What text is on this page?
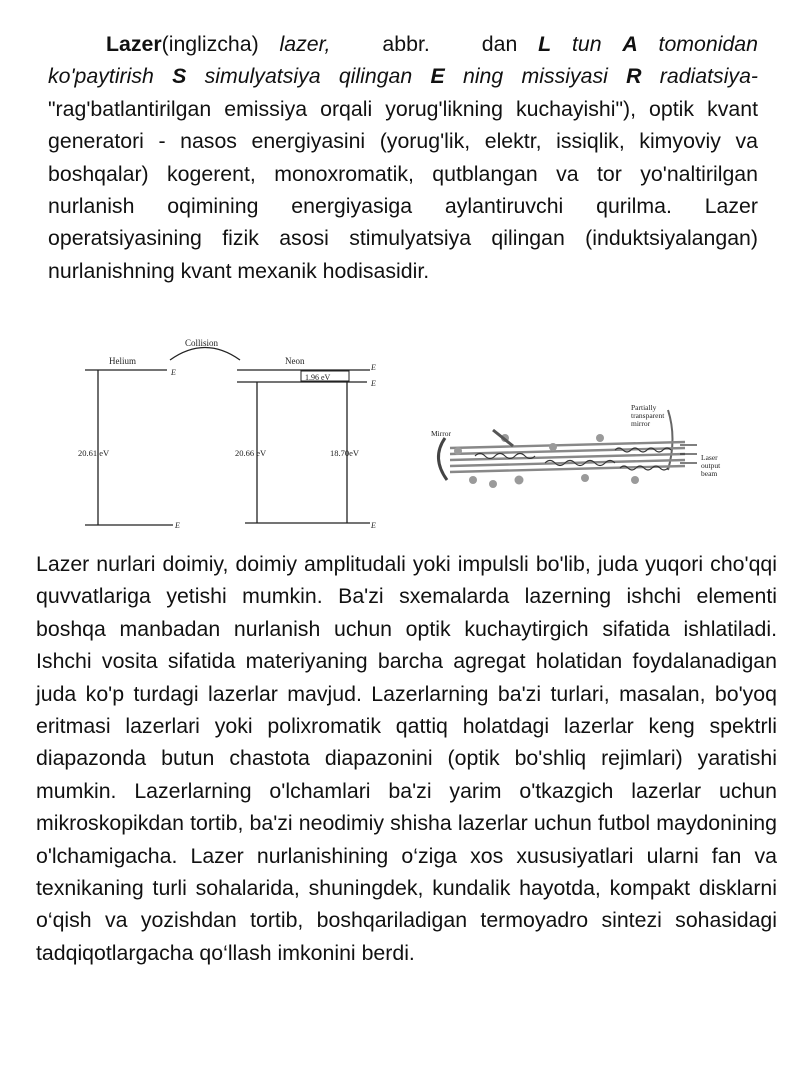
Lazer(inglizcha) lazer, abbr. dan L tun A tomonidan ko'paytirish S simulyatsiya qilingan E ning missiyasi R radiatsiya- "rag'batlantirilgan emissiya orqali yorug'likning kuchayishi"), optik kvant generatori - nasos energiyasini (yorug'lik, elektr, issiqlik, kimyoviy va boshqalar) kogerent, monoxromatik, qutblangan va tor yo'naltirilgan nurlanish oqimining energiyasiga aylantiruvchi qurilma. Lazer operatsiyasining fizik asosi stimulyatsiya qilingan (induktsiyalangan) nurlanishning kvant mexanik hodisasidir.

Collision
Helium	Neon
1.96 eV
20.61 eV	20.66 eV	18.70eV
E
E
E
E
E
Mirror
Partially
transparent
mirror
Laser
output
beam

Lazer nurlari doimiy, doimiy amplitudali yoki impulsli bo'lib, juda yuqori cho'qqi quvvatlariga yetishi mumkin. Ba'zi sxemalarda lazerning ishchi elementi boshqa manbadan nurlanish uchun optik kuchaytirgich sifatida ishlatiladi. Ishchi vosita sifatida materiyaning barcha agregat holatidan foydalanadigan juda ko'p turdagi lazerlar mavjud. Lazerlarning ba'zi turlari, masalan, bo'yoq eritmasi lazerlari yoki polixromatik qattiq holatdagi lazerlar keng spektrli diapazonda butun chastota diapazonini (optik bo'shliq rejimlari) yaratishi mumkin. Lazerlarning o'lchamlari ba'zi yarim o'tkazgich lazerlar uchun mikroskopikdan tortib, ba'zi neodimiy shisha lazerlar uchun futbol maydonining o'lchamigacha. Lazer nurlanishining o‘ziga xos xususiyatlari ularni fan va texnikaning turli sohalarida, shuningdek, kundalik hayotda, kompakt disklarni o‘qish va yozishdan tortib, boshqariladigan termoyadro sintezi sohasidagi tadqiqotlargacha qo‘llash imkonini berdi.
